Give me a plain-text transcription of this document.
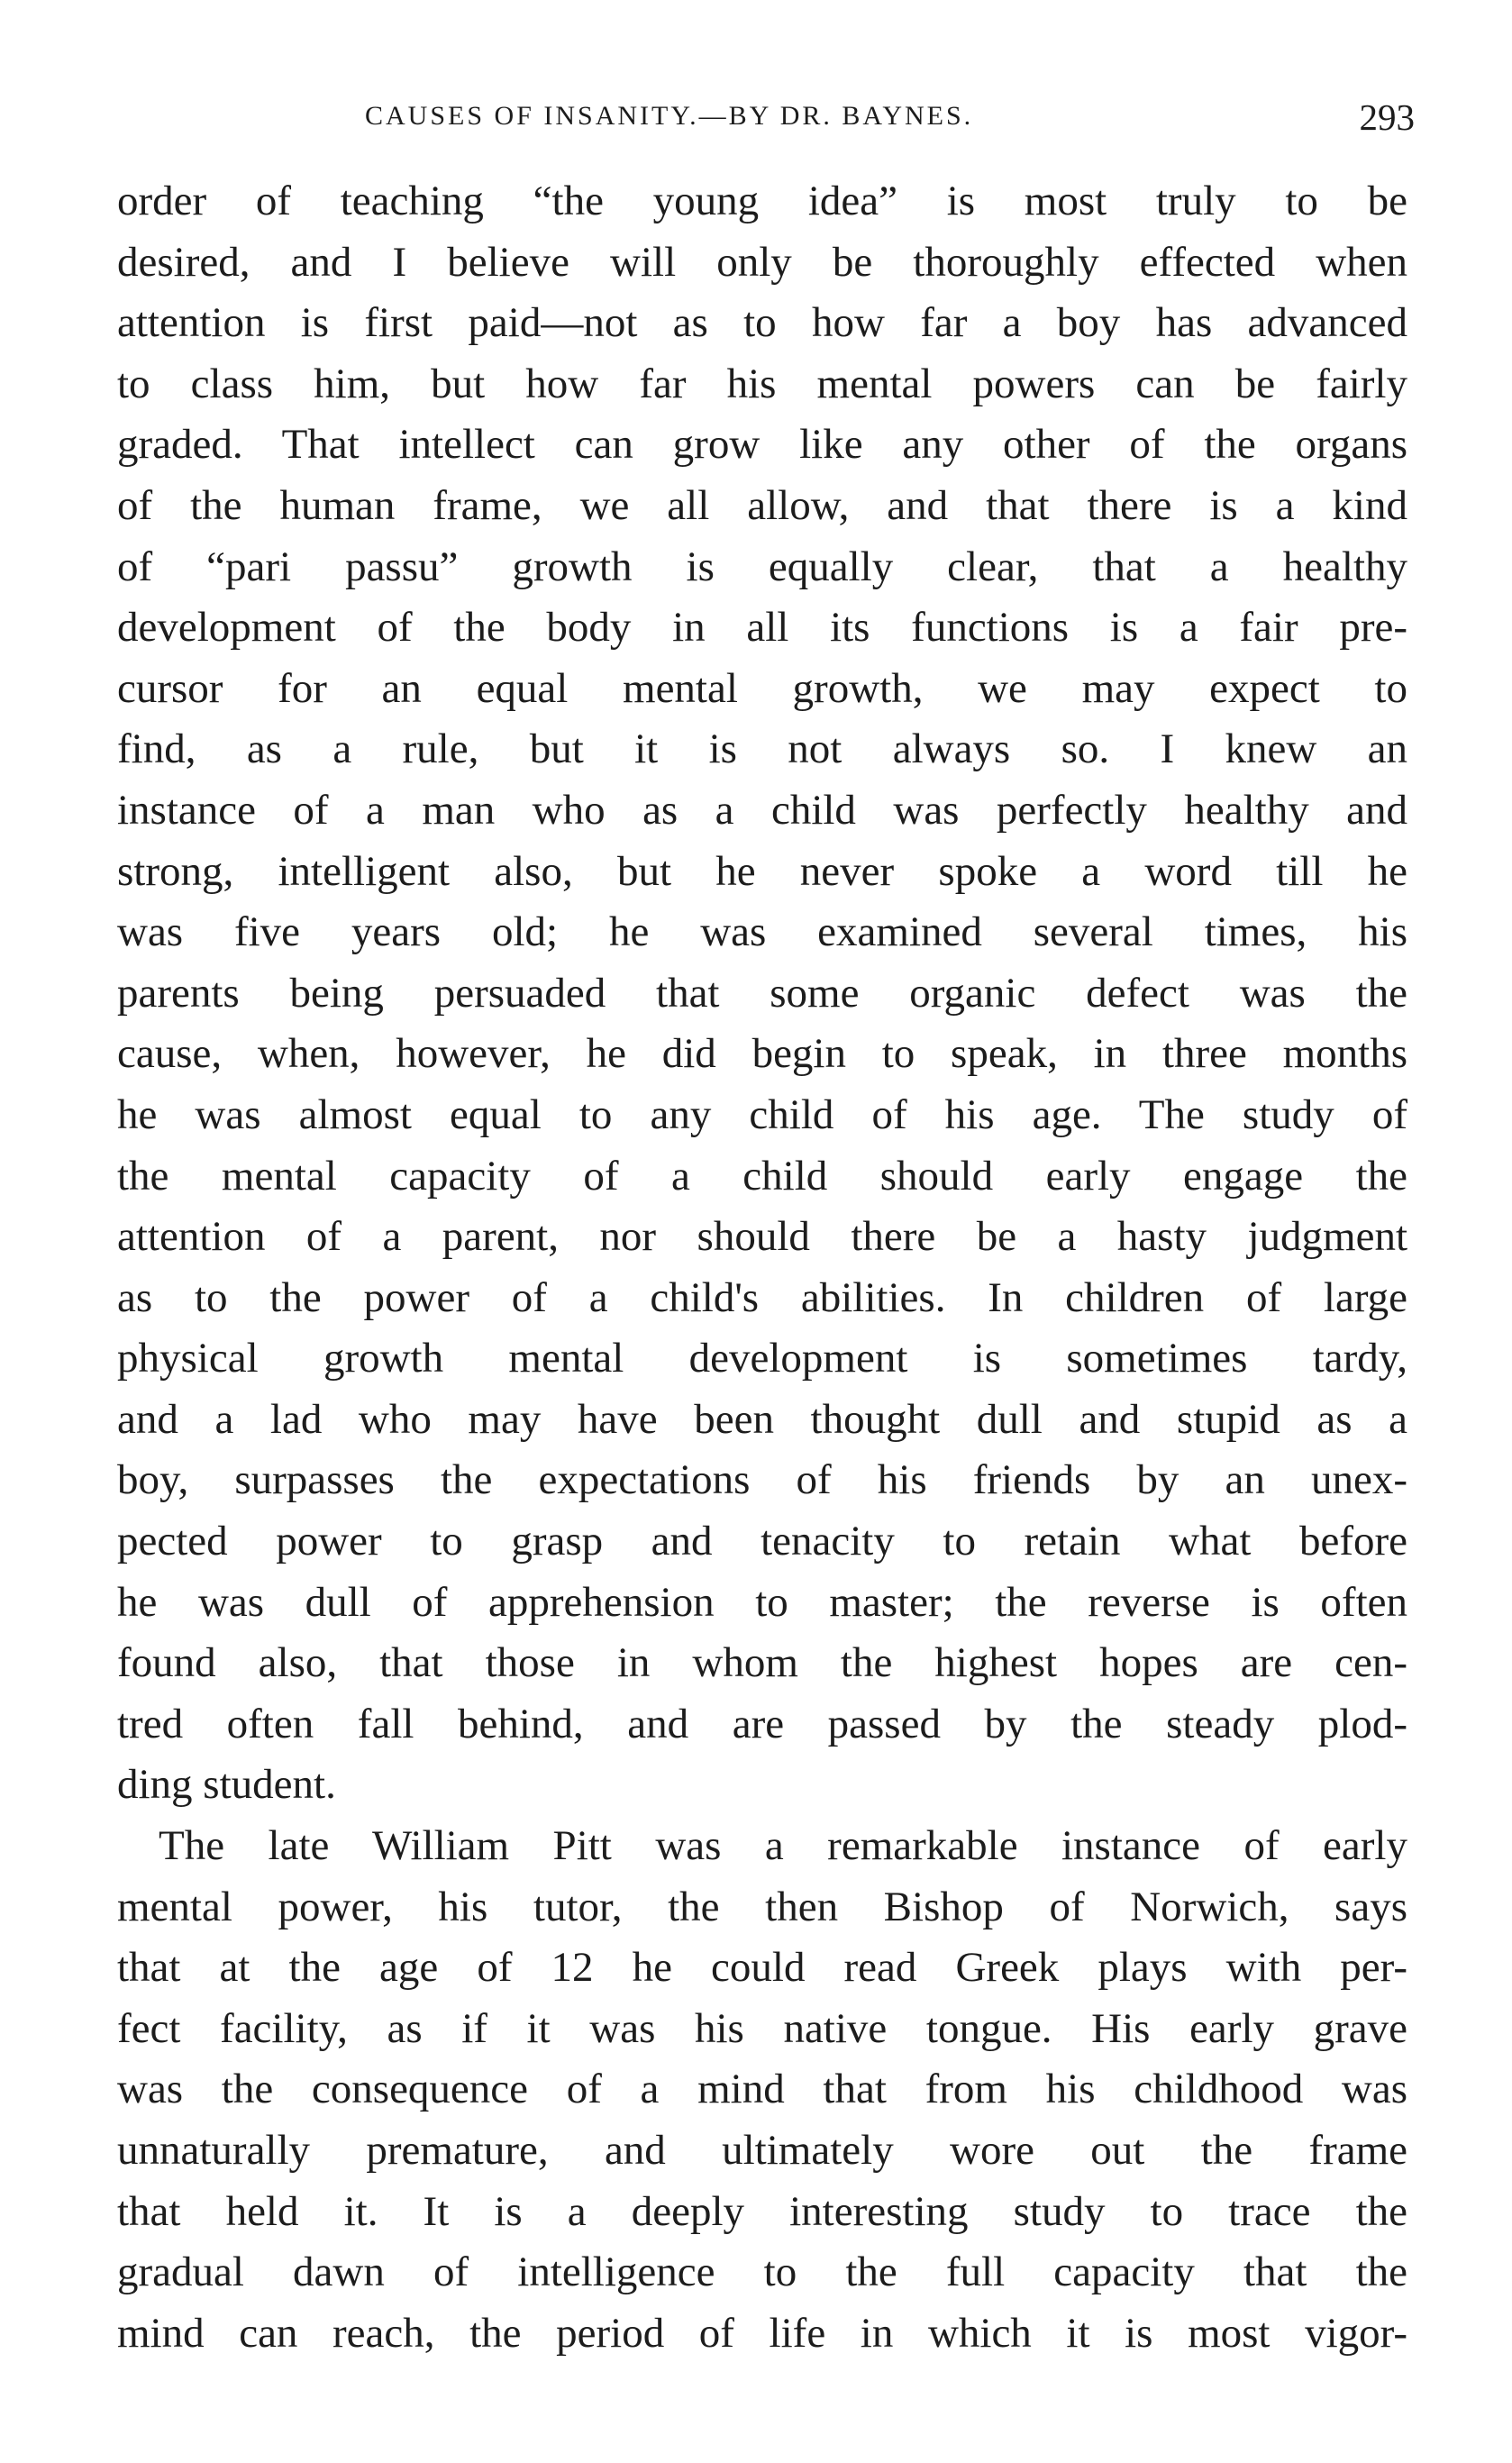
CAUSES OF INSANITY.—BY DR. BAYNES.	293
order of teaching “the young idea” is most truly to be
desired, and I believe will only be thoroughly effected when
attention is first paid—not as to how far a boy has advanced
to class him, but how far his mental powers can be fairly
graded. That intellect can grow like any other of the organs
of the human frame, we all allow, and that there is a kind
of “pari passu” growth is equally clear, that a healthy
development of the body in all its functions is a fair pre-
cursor for an equal mental growth, we may expect to
find, as a rule, but it is not always so. I knew an
instance of a man who as a child was perfectly healthy and
strong, intelligent also, but he never spoke a word till he
was five years old; he was examined several times, his
parents being persuaded that some organic defect was the
cause, when, however, he did begin to speak, in three months
he was almost equal to any child of his age. The study of
the mental capacity of a child should early engage the
attention of a parent, nor should there be a hasty judgment
as to the power of a child's abilities. In children of large
physical growth mental development is sometimes tardy,
and a lad who may have been thought dull and stupid as a
boy, surpasses the expectations of his friends by an unex-
pected power to grasp and tenacity to retain what before
he was dull of apprehension to master; the reverse is often
found also, that those in whom the highest hopes are cen-
tred often fall behind, and are passed by the steady plod-
ding student.
The late William Pitt was a remarkable instance of early
mental power, his tutor, the then Bishop of Norwich, says
that at the age of 12 he could read Greek plays with per-
fect facility, as if it was his native tongue. His early grave
was the consequence of a mind that from his childhood was
unnaturally premature, and ultimately wore out the frame
that held it. It is a deeply interesting study to trace the
gradual dawn of intelligence to the full capacity that the
mind can reach, the period of life in which it is most vigor-
